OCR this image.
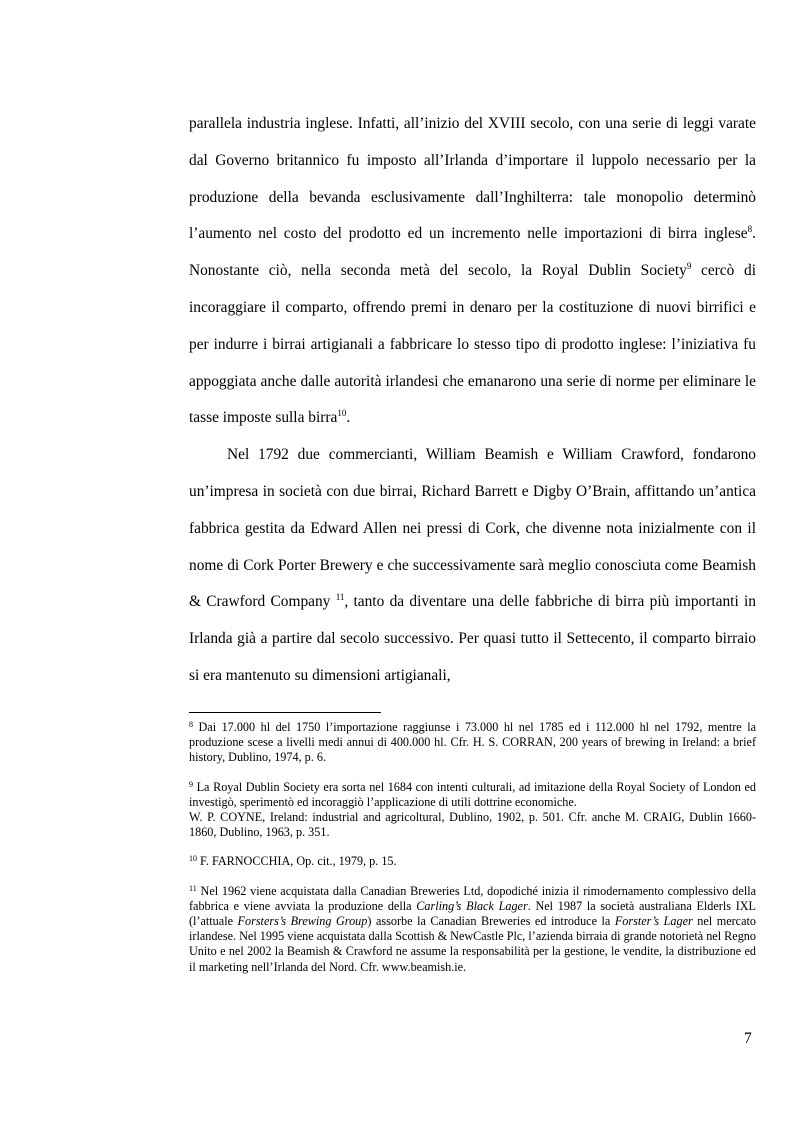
parallela industria inglese. Infatti, all’inizio del XVIII secolo, con una serie di leggi varate dal Governo britannico fu imposto all’Irlanda d’importare il luppolo necessario per la produzione della bevanda esclusivamente dall’Inghilterra: tale monopolio determinò l’aumento nel costo del prodotto ed un incremento nelle importazioni di birra inglese$^8$. Nonostante ciò, nella seconda metà del secolo, la Royal Dublin Society$^9$ cercò di incoraggiare il comparto, offrendo premi in denaro per la costituzione di nuovi birrifici e per indurre i birrai artigianali a fabbricare lo stesso tipo di prodotto inglese: l’iniziativa fu appoggiata anche dalle autorità irlandesi che emanarono una serie di norme per eliminare le tasse imposte sulla birra$^{10}$.

Nel 1792 due commercianti, William Beamish e William Crawford, fondarono un’impresa in società con due birrai, Richard Barrett e Digby O’Brain, affittando un’antica fabbrica gestita da Edward Allen nei pressi di Cork, che divenne nota inizialmente con il nome di Cork Porter Brewery e che successivamente sarà meglio conosciuta come Beamish & Crawford Company $^{11}$, tanto da diventare una delle fabbriche di birra più importanti in Irlanda già a partire dal secolo successivo. Per quasi tutto il Settecento, il comparto birraio si era mantenuto su dimensioni artigianali,

$^8$ Dai 17.000 hl del 1750 l’importazione raggiunse i 73.000 hl nel 1785 ed i 112.000 hl nel 1792, mentre la produzione scese a livelli medi annui di 400.000 hl. Cfr. H. S. CORRAN, 200 years of brewing in Ireland: a brief history, Dublino, 1974, p. 6.

$^9$ La Royal Dublin Society era sorta nel 1684 con intenti culturali, ad imitazione della Royal Society of London ed investigò, sperimentò ed incoraggiò l’applicazione di utili dottrine economiche.
W. P. COYNE, Ireland: industrial and agricoltural, Dublino, 1902, p. 501. Cfr. anche M. CRAIG, Dublin 1660-1860, Dublino, 1963, p. 351.

$^{10}$ F. FARNOCCHIA, Op. cit., 1979, p. 15.

$^{11}$ Nel 1962 viene acquistata dalla Canadian Breweries Ltd, dopodiché inizia il rimodernamento complessivo della fabbrica e viene avviata la produzione della Carling’s Black Lager. Nel 1987 la società australiana Elderls IXL (l’attuale Forsters’s Brewing Group) assorbe la Canadian Breweries ed introduce la Forster’s Lager nel mercato irlandese. Nel 1995 viene acquistata dalla Scottish & NewCastle Plc, l’azienda birraia di grande notorietà nel Regno Unito e nel 2002 la Beamish & Crawford ne assume la responsabilità per la gestione, le vendite, la distribuzione ed il marketing nell’Irlanda del Nord. Cfr. www.beamish.ie.

7
